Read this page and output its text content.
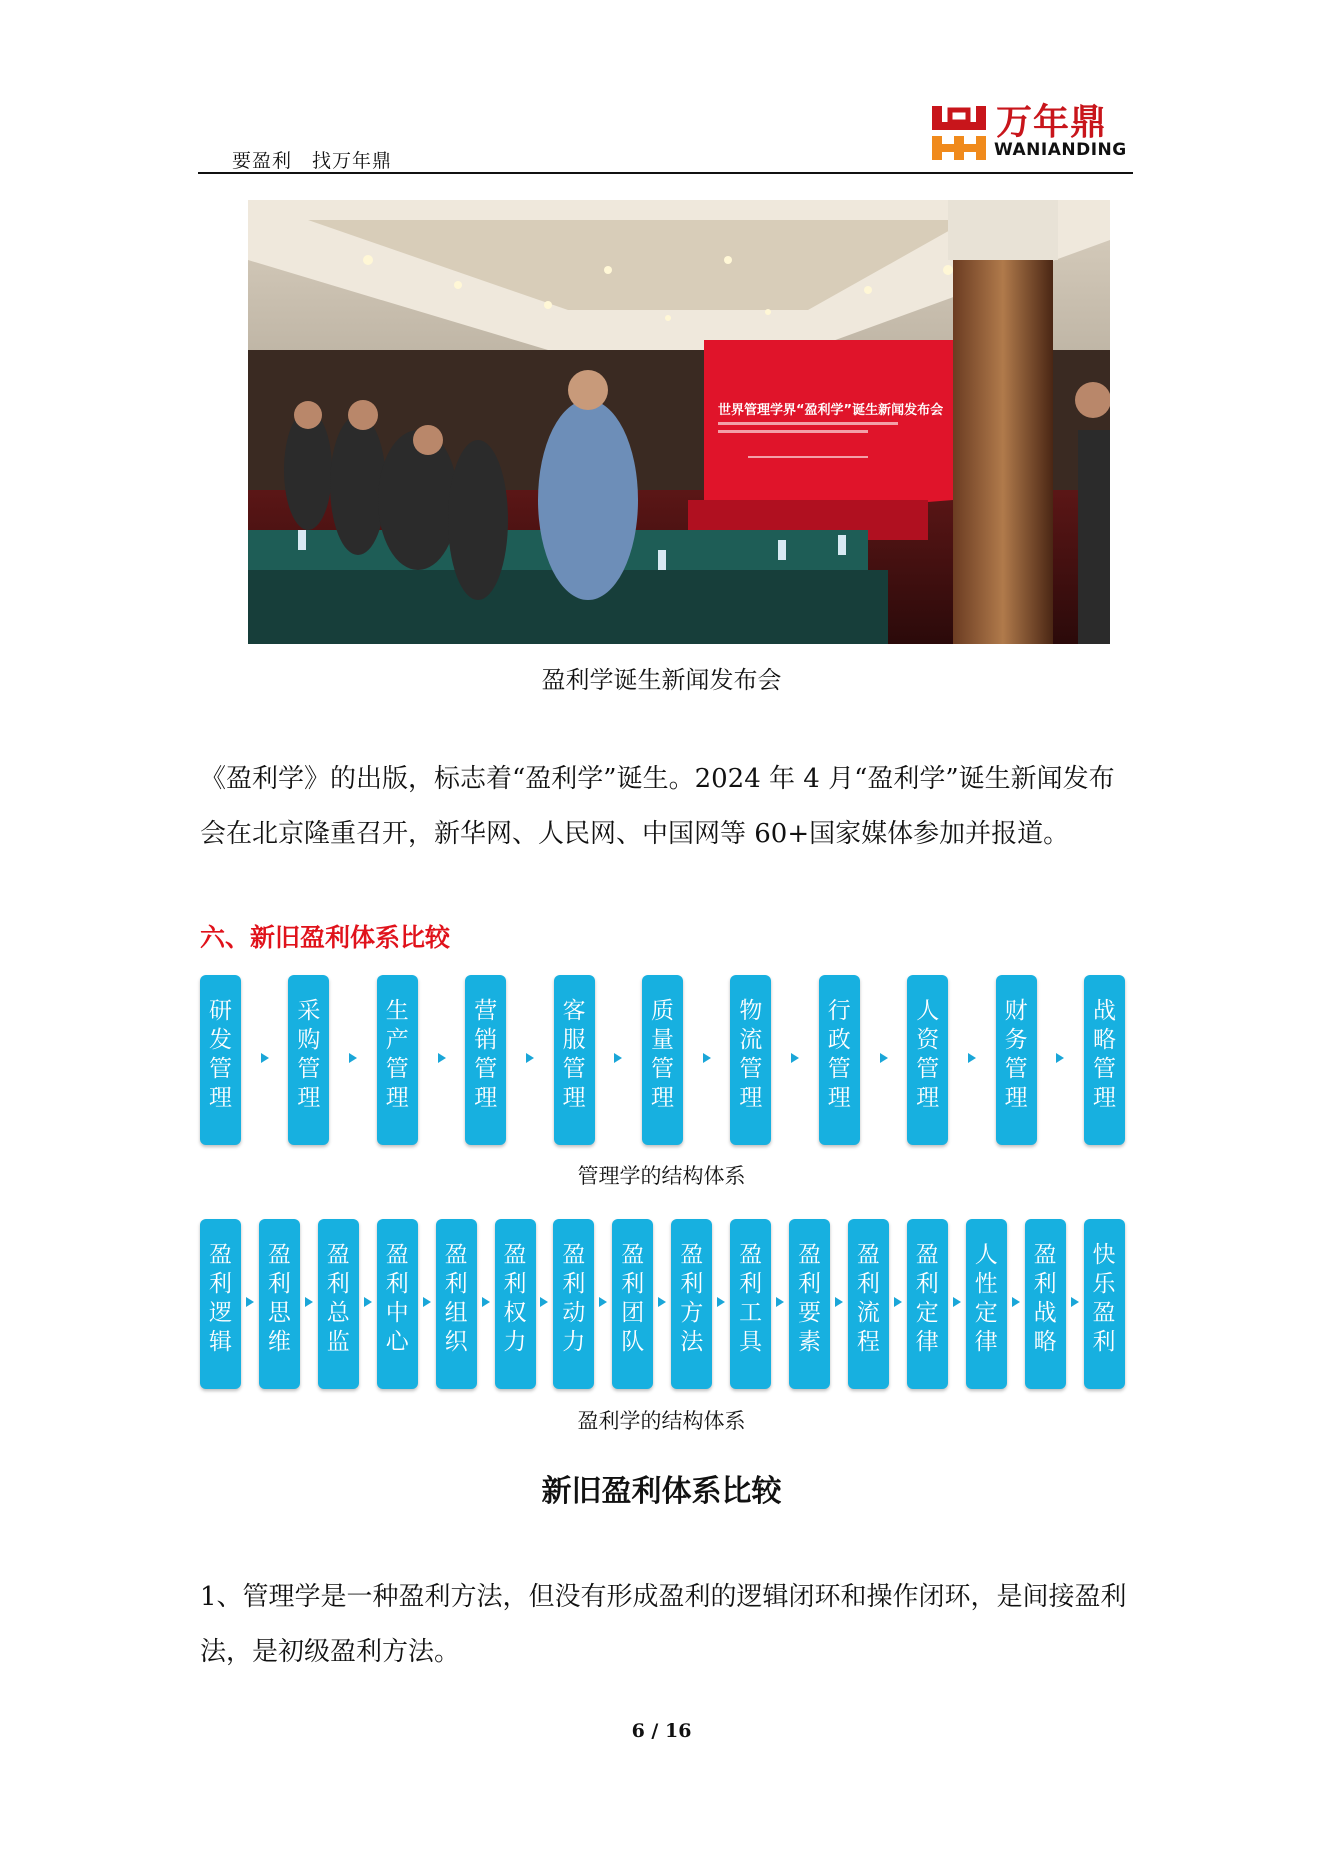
要盈利　找万年鼎
万年鼎
WANIANDING
世界管理学界“盈利学”诞生新闻发布会
盈利学诞生新闻发布会
《盈利学》的出版，标志着“盈利学”诞生。2024 年 4 月“盈利学”诞生新闻发布会在北京隆重召开，新华网、人民网、中国网等 60+国家媒体参加并报道。
六、新旧盈利体系比较
研
发
管
理
采
购
管
理
生
产
管
理
营
销
管
理
客
服
管
理
质
量
管
理
物
流
管
理
行
政
管
理
人
资
管
理
财
务
管
理
战
略
管
理
管理学的结构体系
盈
利
逻
辑
盈
利
思
维
盈
利
总
监
盈
利
中
心
盈
利
组
织
盈
利
权
力
盈
利
动
力
盈
利
团
队
盈
利
方
法
盈
利
工
具
盈
利
要
素
盈
利
流
程
盈
利
定
律
人
性
定
律
盈
利
战
略
快
乐
盈
利
盈利学的结构体系
新旧盈利体系比较
1、管理学是一种盈利方法，但没有形成盈利的逻辑闭环和操作闭环，是间接盈利法，是初级盈利方法。
6 / 16
